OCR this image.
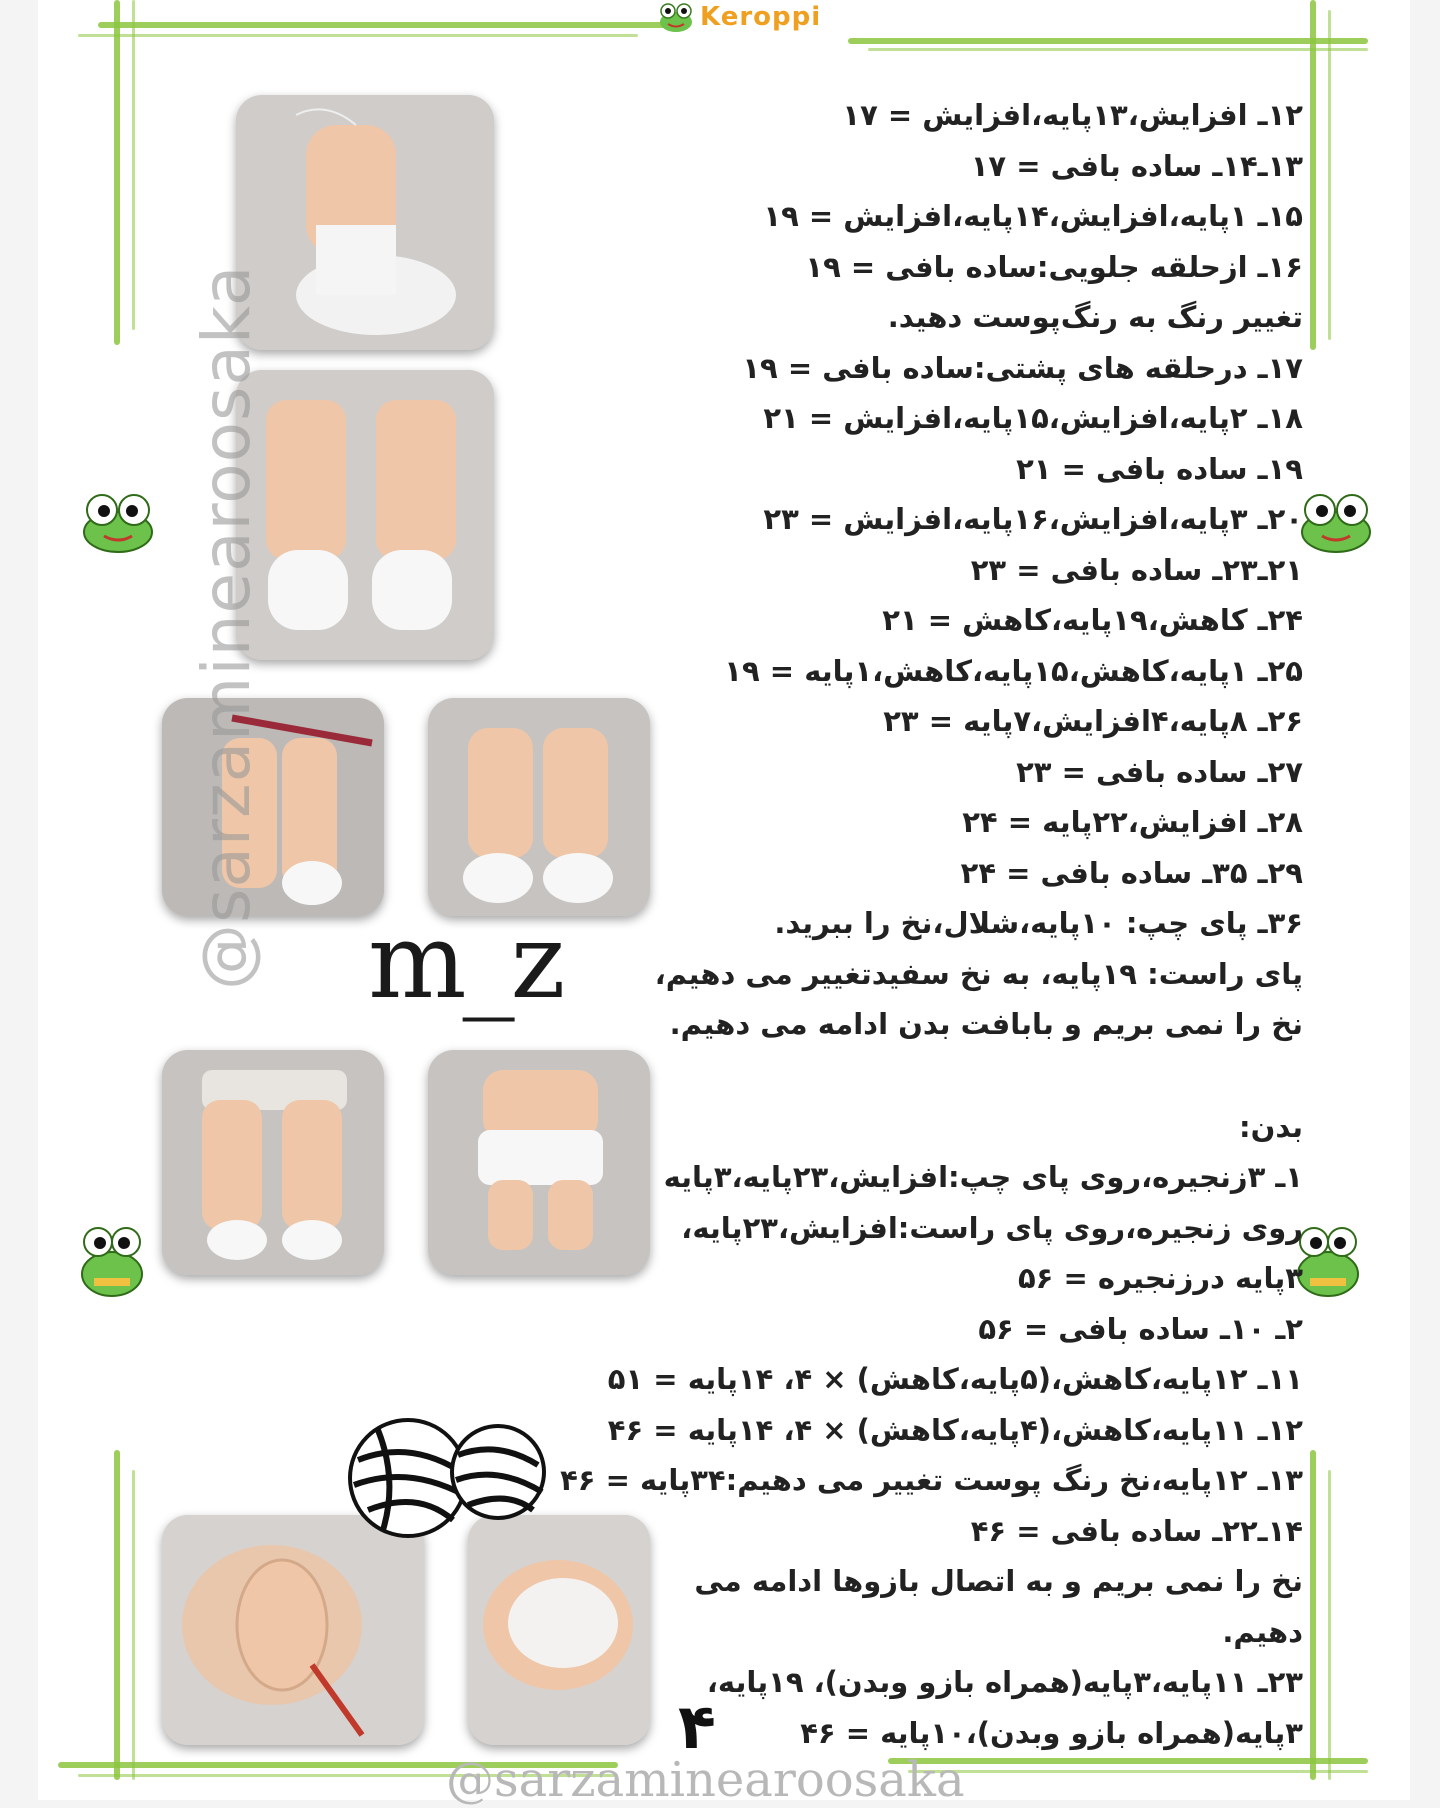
Keroppi
@sarzaminearoosaka m_z
۱۲ـ افزایش،۱۳پایه،افزایش = ۱۷
۱۳ـ۱۴ـ ساده بافی = ۱۷
۱۵ـ ۱پایه،افزایش،۱۴پایه،افزایش = ۱۹
۱۶ـ ازحلقه جلویی:ساده بافی = ۱۹
تغییر رنگ به رنگ‌پوست دهید.
۱۷ـ درحلقه های پشتی:ساده بافی = ۱۹
۱۸ـ ۲پایه،افزایش،۱۵پایه،افزایش = ۲۱
۱۹ـ ساده بافی = ۲۱
۲۰ـ ۳پایه،افزایش،۱۶پایه،افزایش = ۲۳
۲۱ـ۲۳ـ ساده بافی = ۲۳
۲۴ـ کاهش،۱۹پایه،کاهش = ۲۱
۲۵ـ ۱پایه،کاهش،۱۵پایه،کاهش،۱پایه = ۱۹
۲۶ـ ۸پایه،۴افزایش،۷پایه = ۲۳
۲۷ـ ساده بافی = ۲۳
۲۸ـ افزایش،۲۲پایه = ۲۴
۲۹ـ ۳۵ـ ساده بافی = ۲۴
۳۶ـ پای چپ: ۱۰پایه،شلال،نخ را ببرید.
پای راست: ۱۹پایه، به نخ سفیدتغییر می دهیم،
نخ را نمی بریم و بابافت بدن ادامه می دهیم.
بدن:
۱ـ ۳زنجیره،روی پای چپ:افزایش،۲۳پایه،۳پایه
روی زنجیره،روی پای راست:افزایش،۲۳پایه،
۳پایه درزنجیره = ۵۶
۲ـ ۱۰ـ ساده بافی = ۵۶
۱۱ـ ۱۲پایه،کاهش،(۵پایه،کاهش) × ۴، ۱۴پایه = ۵۱
۱۲ـ ۱۱پایه،کاهش،(۴پایه،کاهش) × ۴، ۱۴پایه = ۴۶
۱۳ـ ۱۲پایه،نخ رنگ پوست تغییر می دهیم:۳۴پایه = ۴۶
۱۴ـ۲۲ـ ساده بافی = ۴۶
نخ را نمی بریم و به اتصال بازوها ادامه می
دهیم.
۲۳ـ ۱۱پایه،۳پایه(همراه بازو وبدن)، ۱۹پایه،
۳پایه(همراه بازو وبدن)،۱۰پایه = ۴۶
۴
@sarzaminearoosaka
